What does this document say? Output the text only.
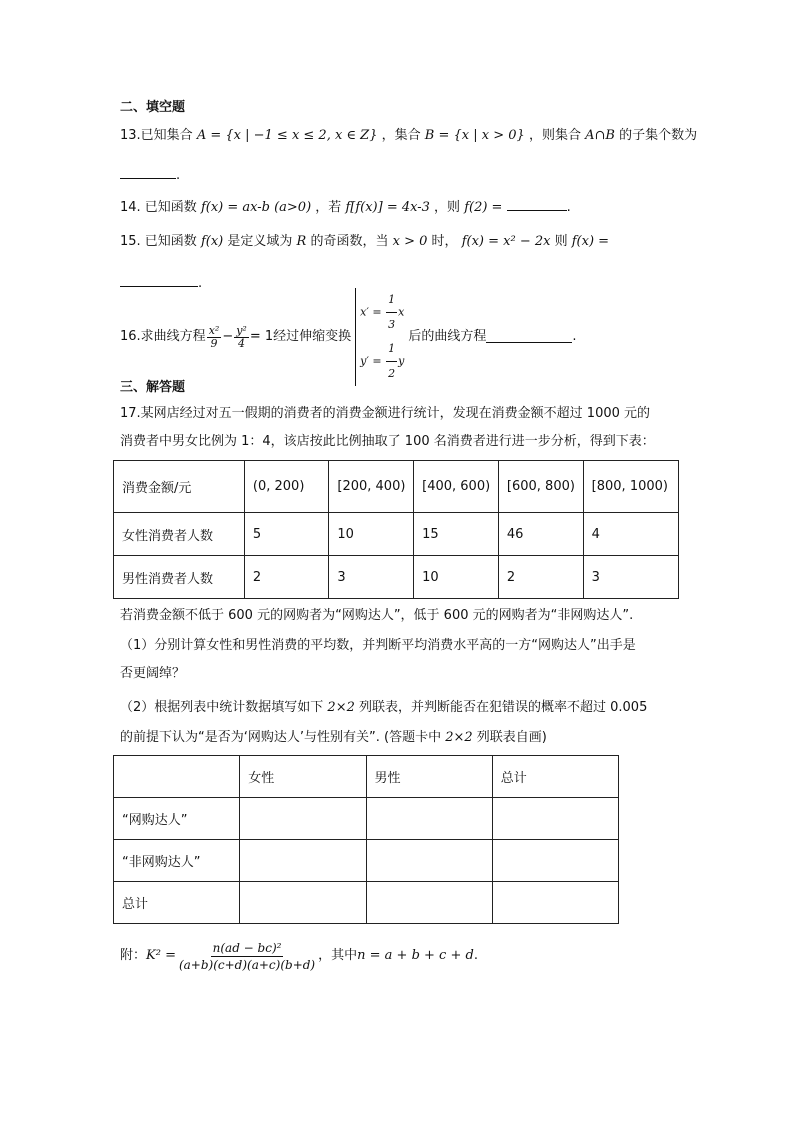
二、填空题
13.已知集合 A = {x | −1 ≤ x ≤ 2, x ∈ Z} ，集合 B = {x | x > 0} ，则集合 A∩B 的子集个数为
.
14. 已知函数 f(x) = ax-b (a>0) ，若 f[f(x)] = 4x-3 ，则 f(2) =	.
15. 已知函数 f(x) 是定义域为 R 的奇函数，当 x > 0 时， f(x) = x² − 2x 则 f(x) =
.
16.求曲线方程 $\frac{\text{x²}}{9} - \frac{\text{y²}}{4} = 1$ 经过伸缩变换
$x' = \frac{1}{3}$ x
$y' = \frac{1}{2}$ y
后的曲线方程	.
三、解答题
17.某网店经过对五一假期的消费者的消费金额进行统计，发现在消费金额不超过 1000 元的
消费者中男女比例为 1：4，该店按此比例抽取了 100 名消费者进行进一步分析，得到下表：
消费金额/元	(0, 200)	[200, 400)	[400, 600)	[600, 800)	[800, 1000)
女性消费者人数	5	10	15	46	4
男性消费者人数	2	3	10	2	3
若消费金额不低于 600 元的网购者为“网购达人”，低于 600 元的网购者为“非网购达人”.
（1）分别计算女性和男性消费的平均数，并判断平均消费水平高的一方“网购达人”出手是
否更阔绰？
（2）根据列表中统计数据填写如下 2×2 列联表，并判断能否在犯错误的概率不超过 0.005
的前提下认为“是否为‘网购达人’与性别有关”. (答题卡中 2×2 列联表自画)
	女性	男性	总计
“网购达人”			
“非网购达人”			
总计			
附： $K^2 = \frac{\text{n(ad − bc)²}}{(a+b)(c+d)(a+c)(b+d)}$ ，其中 n = a + b + c + d .
